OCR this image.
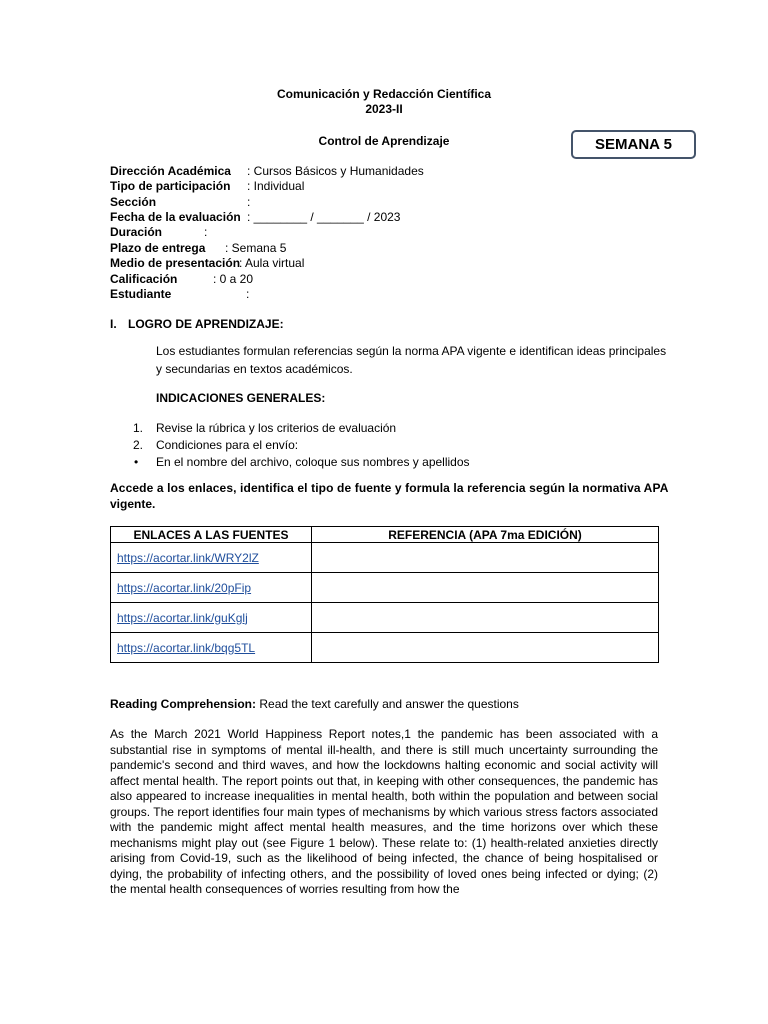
Comunicación y Redacción Científica
2023-II
Control de Aprendizaje	SEMANA 5
Dirección Académica : Cursos Básicos y Humanidades
Tipo de participación : Individual
Sección	:
Fecha de la evaluación : ________ / _______ / 2023
Duración	:
Plazo de entrega : Semana 5
Medio de presentación
: Aula virtual
Calificación	: 0 a 20
Estudiante	:
I. LOGRO DE APRENDIZAJE:
Los estudiantes formulan referencias según la norma APA vigente e identifican ideas principales
y secundarias en textos académicos.
INDICACIONES GENERALES:
1. Revise la rúbrica y los criterios de evaluación
2. Condiciones para el envío:
• En el nombre del archivo, coloque sus nombres y apellidos
Accede a los enlaces, identifica el tipo de fuente y formula la referencia según la normativa APA
vigente.
ENLACES A LAS FUENTES	REFERENCIA (APA 7ma EDICIÓN)
https://acortar.link/WRY2lZ	
https://acortar.link/20pFip	
https://acortar.link/guKglj	
https://acortar.link/bqg5TL	
Reading Comprehension: Read the text carefully and answer the questions
As the March 2021 World Happiness Report notes,1 the pandemic has been associated with a substantial rise in symptoms of mental ill-health, and there is still much uncertainty surrounding the pandemic's second and third waves, and how the lockdowns halting economic and social activity will affect mental health. The report points out that, in keeping with other consequences, the pandemic has also appeared to increase inequalities in mental health, both within the population and between social groups. The report identifies four main types of mechanisms by which various stress factors associated with the pandemic might affect mental health measures, and the time horizons over which these mechanisms might play out (see Figure 1 below). These relate to: (1) health-related anxieties directly arising from Covid-19, such as the likelihood of being infected, the chance of being hospitalised or dying, the probability of infecting others, and the possibility of loved ones being infected or dying; (2) the mental health consequences of worries resulting from how the
